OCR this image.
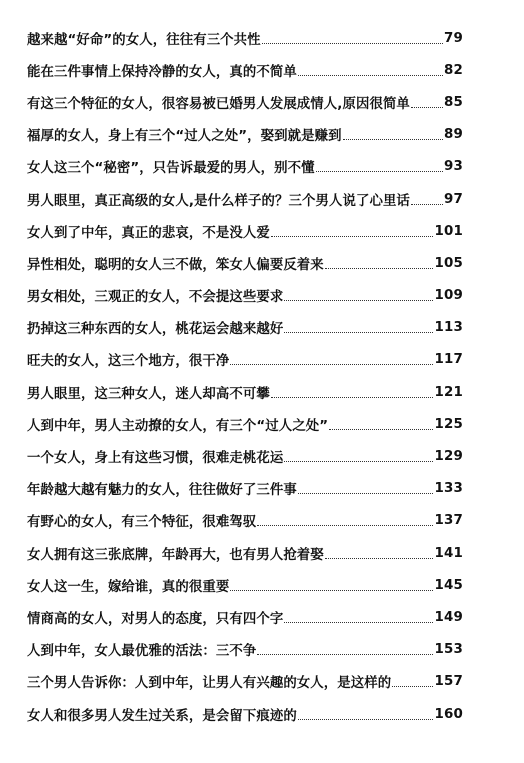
越来越“好命”的女人，往往有三个共性	79
能在三件事情上保持冷静的女人，真的不简单	82
有这三个特征的女人，很容易被已婚男人发展成情人,原因很简单	85
福厚的女人，身上有三个“过人之处”，娶到就是赚到	89
女人这三个“秘密”，只告诉最爱的男人，别不懂	93
男人眼里，真正高级的女人,是什么样子的？三个男人说了心里话	97
女人到了中年，真正的悲哀，不是没人爱	101
异性相处，聪明的女人三不做，笨女人偏要反着来	105
男女相处，三观正的女人，不会提这些要求	109
扔掉这三种东西的女人，桃花运会越来越好	113
旺夫的女人，这三个地方，很干净	117
男人眼里，这三种女人，迷人却高不可攀	121
人到中年，男人主动撩的女人，有三个“过人之处”	125
一个女人，身上有这些习惯，很难走桃花运	129
年龄越大越有魅力的女人，往往做好了三件事	133
有野心的女人，有三个特征，很难驾驭	137
女人拥有这三张底牌，年龄再大，也有男人抢着娶	141
女人这一生，嫁给谁，真的很重要	145
情商高的女人，对男人的态度，只有四个字	149
人到中年，女人最优雅的活法：三不争	153
三个男人告诉你：人到中年，让男人有兴趣的女人，是这样的	157
女人和很多男人发生过关系，是会留下痕迹的	160
